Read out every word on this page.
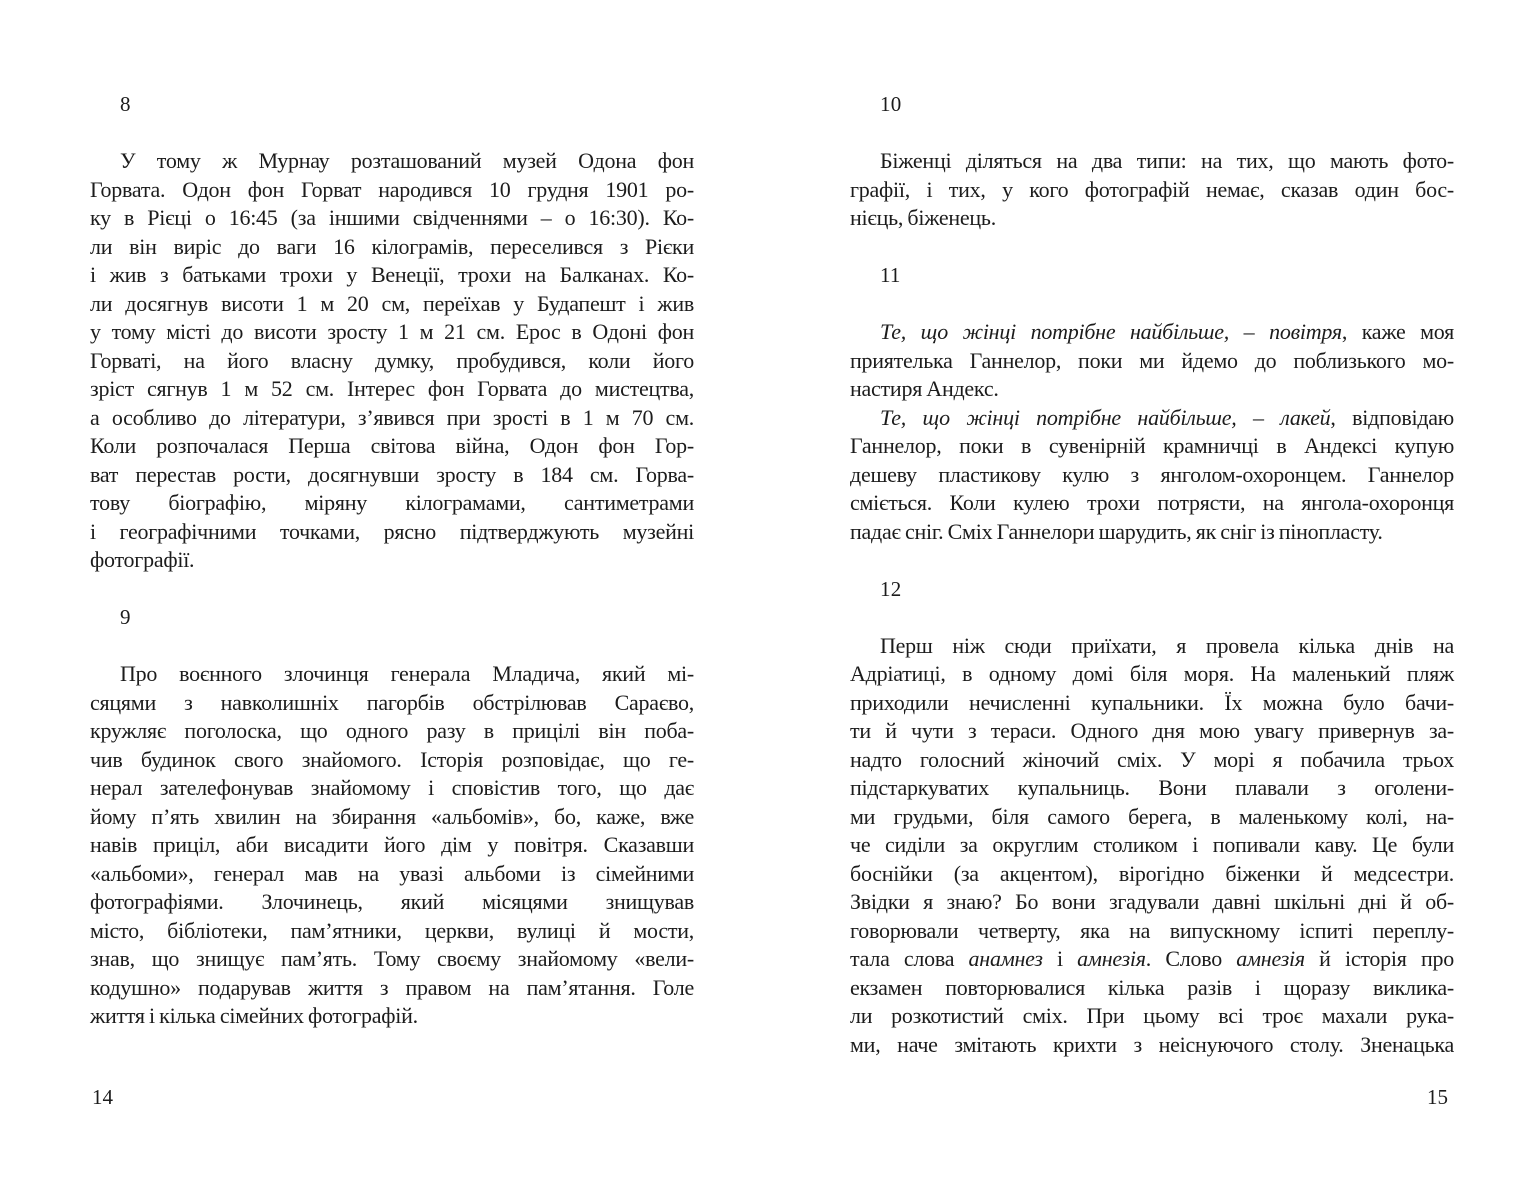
8
У тому ж Мурнау розташований музей Одона фон
Горвата. Одон фон Горват народився 10 грудня 1901 ро-
ку в Рієці о 16:45 (за іншими свідченнями – о 16:30). Ко-
ли він виріс до ваги 16 кілограмів, переселився з Рієки
і жив з батьками трохи у Венеції, трохи на Балканах. Ко-
ли досягнув висоти 1 м 20 см, переїхав у Будапешт і жив
у тому місті до висоти зросту 1 м 21 см. Ерос в Одоні фон
Горваті, на його власну думку, пробудився, коли його
зріст сягнув 1 м 52 см. Інтерес фон Горвата до мистецтва,
а особливо до літератури, з’явився при зрості в 1 м 70 см.
Коли розпочалася Перша світова війна, Одон фон Гор-
ват перестав рости, досягнувши зросту в 184 см. Горва-
тову біографію, міряну кілограмами, сантиметрами
і географічними точками, рясно підтверджують музейні
фотографії.
9
Про воєнного злочинця генерала Младича, який мі-
сяцями з навколишніх пагорбів обстрілював Сараєво,
кружляє поголоска, що одного разу в прицілі він поба-
чив будинок свого знайомого. Історія розповідає, що ге-
нерал зателефонував знайомому і сповістив того, що дає
йому п’ять хвилин на збирання «альбомів», бо, каже, вже
навів приціл, аби висадити його дім у повітря. Сказавши
«альбоми», генерал мав на увазі альбоми із сімейними
фотографіями. Злочинець, який місяцями знищував
місто, бібліотеки, пам’ятники, церкви, вулиці й мости,
знав, що знищує пам’ять. Тому своєму знайомому «вели-
кодушно» подарував життя з правом на пам’ятання. Голе
життя і кілька сімейних фотографій.
14
10
Біженці діляться на два типи: на тих, що мають фото-
графії, і тих, у кого фотографій немає, сказав один бос-
нієць, біженець.
11
Те, що жінці потрібне найбільше, – повітря, каже моя
приятелька Ганнелор, поки ми йдемо до поблизького мо-
настиря Андекс.
Те, що жінці потрібне найбільше, – лакей, відповідаю
Ганнелор, поки в сувенірній крамничці в Андексі купую
дешеву пластикову кулю з янголом-охоронцем. Ганнелор
сміється. Коли кулею трохи потрясти, на янгола-охоронця
падає сніг. Сміх Ганнелори шарудить, як сніг із пінопласту.
12
Перш ніж сюди приїхати, я провела кілька днів на
Адріатиці, в одному домі біля моря. На маленький пляж
приходили нечисленні купальники. Їх можна було бачи-
ти й чути з тераси. Одного дня мою увагу привернув за-
надто голосний жіночий сміх. У морі я побачила трьох
підстаркуватих купальниць. Вони плавали з оголени-
ми грудьми, біля самого берега, в маленькому колі, на-
че сиділи за округлим столиком і попивали каву. Це були
боснійки (за акцентом), вірогідно біженки й медсестри.
Звідки я знаю? Бо вони згадували давні шкільні дні й об-
говорювали четверту, яка на випускному іспиті переплу-
тала слова анамнез і амнезія. Слово амнезія й історія про
екзамен повторювалися кілька разів і щоразу виклика-
ли розкотистий сміх. При цьому всі троє махали рука-
ми, наче змітають крихти з неіснуючого столу. Зненацька
15
